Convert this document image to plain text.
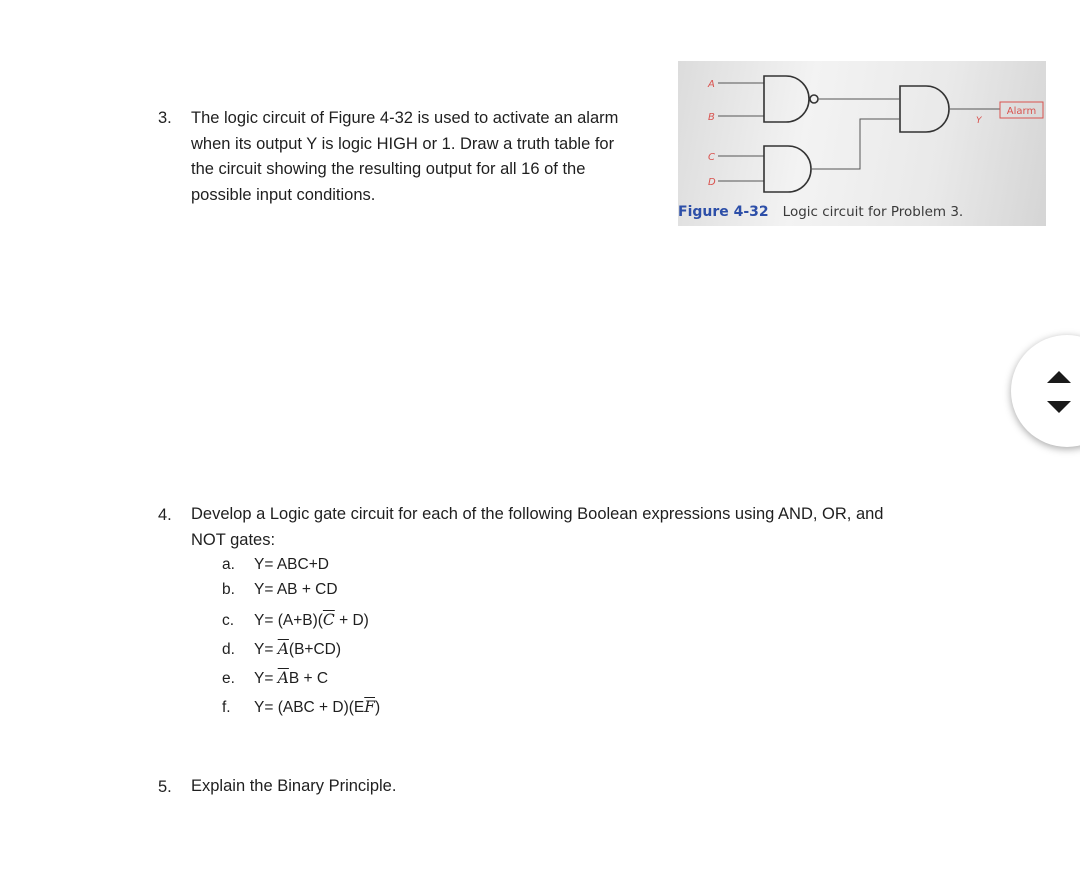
3. The logic circuit of Figure 4-32 is used to activate an alarm
when its output Y is logic HIGH or 1. Draw a truth table for
the circuit showing the resulting output for all 16 of the
possible input conditions.
A
B
C
D
Y
Alarm
Figure 4-32 Logic circuit for Problem 3.
4. Develop a Logic gate circuit for each of the following Boolean expressions using AND, OR, and
NOT gates:
a. Y= ABC+D
b. Y= AB + CD
c. $Y= (A+B)(\overline{C} + D)$
d. $Y= \overline{A}(B+CD)$
e. $Y= \overline{A}B + C$
f. $Y= (ABC + D)(E\overline{F})$
5. Explain the Binary Principle.
